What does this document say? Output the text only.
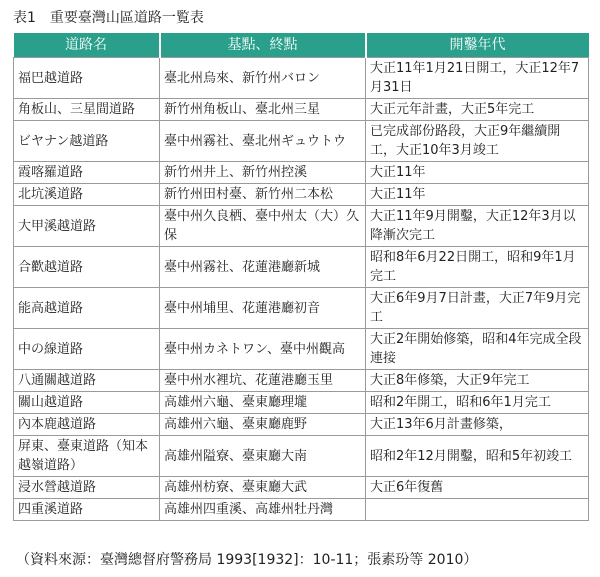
表1 重要臺灣山區道路一覧表
道路名	基點、終點	開鑿年代
福巴越道路	臺北州烏來、新竹州バロン	大正11年1月21日開工，大正12年7月31日
角板山、三星間道路	新竹州角板山、臺北州三星	大正元年計畫，大正5年完工
ビヤナン越道路	臺中州霧社、臺北州ギュウトウ	已完成部份路段，大正9年繼續開工，大正10年3月竣工
霞喀羅道路	新竹州井上、新竹州控溪	大正11年
北坑溪道路	新竹州田村臺、新竹州二本松	大正11年
大甲溪越道路	臺中州久良栖、臺中州太（大）久保	大正11年9月開鑿，大正12年3月以降漸次完工
合歡越道路	臺中州霧社、花蓮港廳新城	昭和8年6月22日開工，昭和9年1月完工
能高越道路	臺中州埔里、花蓮港廳初音	大正6年9月7日計畫，大正7年9月完工
中の線道路	臺中州カネトワン、臺中州觀高	大正2年開始修築，昭和4年完成全段連接
八通關越道路	臺中州水裡坑、花蓮港廳玉里	大正8年修築，大正9年完工
關山越道路	高雄州六龜、臺東廳理壠	昭和2年開工，昭和6年1月完工
內本鹿越道路	高雄州六龜、臺東廳鹿野	大正13年6月計畫修築，
屏東、臺東道路（知本越嶺道路）	高雄州隘寮、臺東廳大南	昭和2年12月開鑿，昭和5年初竣工
浸水營越道路	高雄州枋寮、臺東廳大武	大正6年復舊
四重溪道路	高雄州四重溪、高雄州牡丹灣	
（資料來源：臺灣總督府警務局 1993[1932]：10-11；張素玢等 2010）
